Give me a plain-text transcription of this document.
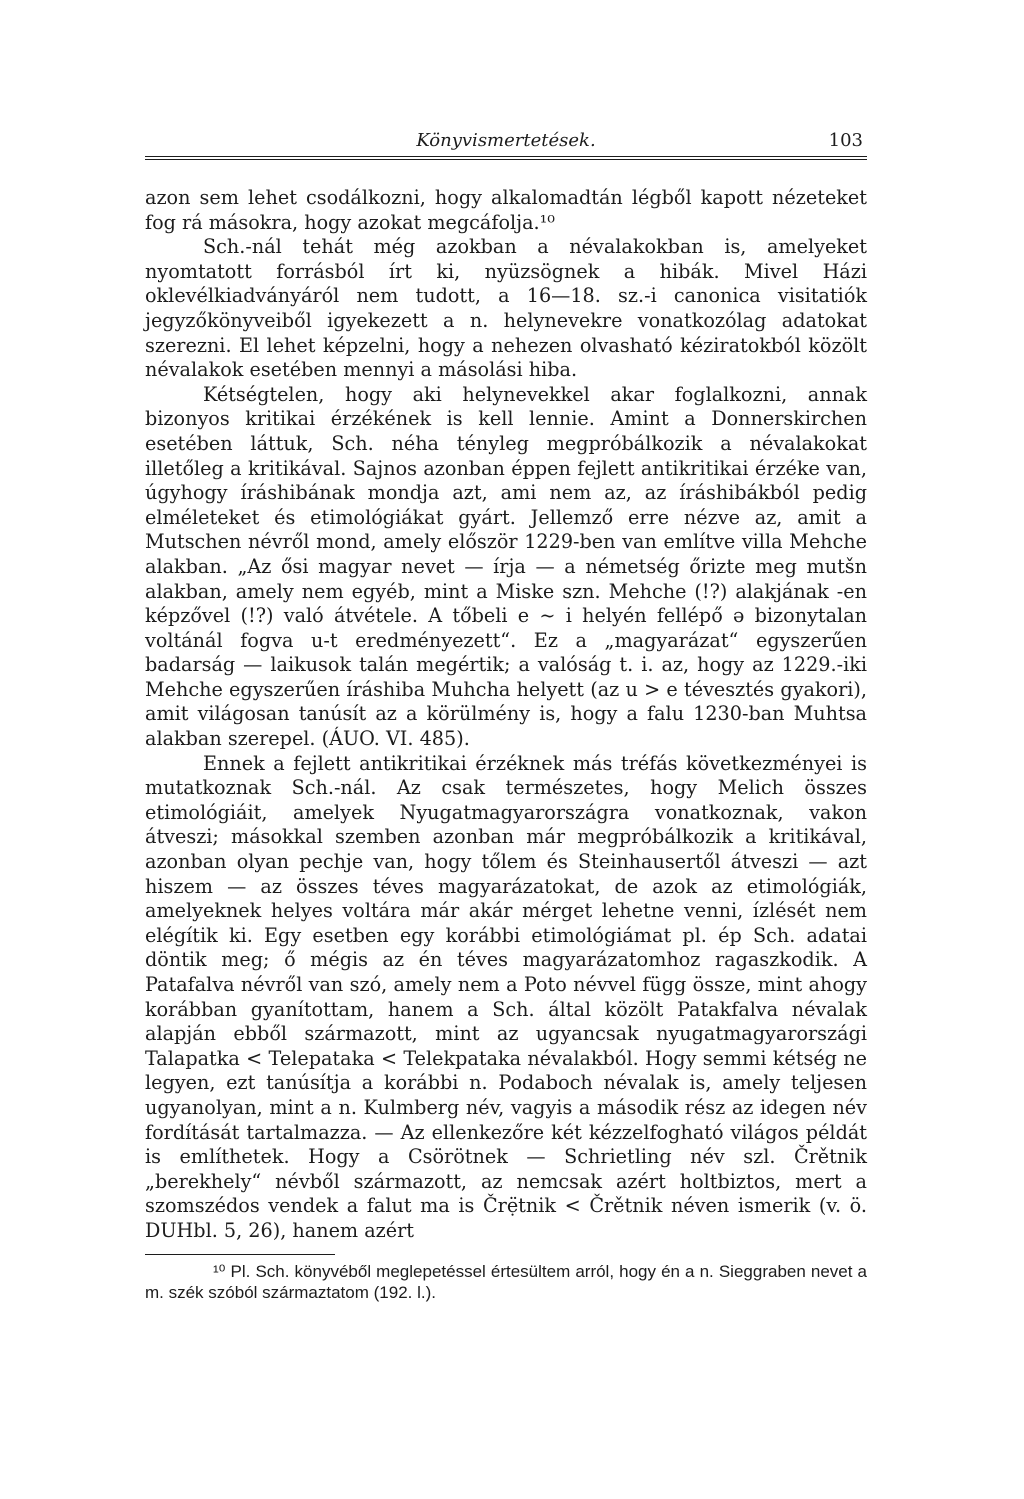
Könyvismertetések.	103

azon sem lehet csodálkozni, hogy alkalomadtán légből kapott nézeteket fog rá másokra, hogy azokat megcáfolja.¹⁰

Sch.-nál tehát még azokban a névalakokban is, amelyeket nyomtatott forrásból írt ki, nyüzsögnek a hibák. Mivel Házi oklevélkiadványáról nem tudott, a 16—18. sz.-i canonica visitatiók jegyzőkönyveiből igyekezett a n. helynevekre vonatkozólag adatokat szerezni. El lehet képzelni, hogy a nehezen olvasható kéziratokból közölt névalakok esetében mennyi a másolási hiba.

Kétségtelen, hogy aki helynevekkel akar foglalkozni, annak bizonyos kritikai érzékének is kell lennie. Amint a Donnerskirchen esetében láttuk, Sch. néha tényleg megpróbálkozik a névalakokat illetőleg a kritikával. Sajnos azonban éppen fejlett antikritikai érzéke van, úgyhogy íráshibának mondja azt, ami nem az, az íráshibákból pedig elméleteket és etimológiákat gyárt. Jellemző erre nézve az, amit a Mutschen névről mond, amely először 1229-ben van említve villa Mehche alakban. „Az ősi magyar nevet — írja — a németség őrizte meg mutšn alakban, amely nem egyéb, mint a Miske szn. Mehche (!?) alakjának -en képzővel (!?) való átvétele. A tőbeli e ∼ i helyén fellépő ə bizonytalan voltánál fogva u-t eredményezett“. Ez a „magyarázat“ egyszerűen badarság — laikusok talán megértik; a valóság t. i. az, hogy az 1229.-iki Mehche egyszerűen íráshiba Muhcha helyett (az u > e tévesztés gyakori), amit világosan tanúsít az a körülmény is, hogy a falu 1230-ban Muhtsa alakban szerepel. (ÁUO. VI. 485).

Ennek a fejlett antikritikai érzéknek más tréfás következményei is mutatkoznak Sch.-nál. Az csak természetes, hogy Melich összes etimológiáit, amelyek Nyugatmagyarországra vonatkoznak, vakon átveszi; másokkal szemben azonban már megpróbálkozik a kritikával, azonban olyan pechje van, hogy tőlem és Steinhausertől átveszi — azt hiszem — az összes téves magyarázatokat, de azok az etimológiák, amelyeknek helyes voltára már akár mérget lehetne venni, ízlését nem elégítik ki. Egy esetben egy korábbi etimológiámat pl. ép Sch. adatai döntik meg; ő mégis az én téves magyarázatomhoz ragaszkodik. A Patafalva névről van szó, amely nem a Poto névvel függ össze, mint ahogy korábban gyanítottam, hanem a Sch. által közölt Patakfalva névalak alapján ebből származott, mint az ugyancsak nyugatmagyarországi Talapatka < Telepataka < Telekpataka névalakból. Hogy semmi kétség ne legyen, ezt tanúsítja a korábbi n. Podaboch névalak is, amely teljesen ugyanolyan, mint a n. Kulmberg név, vagyis a második rész az idegen név fordítását tartalmazza. — Az ellenkezőre két kézzelfogható világos példát is említhetek. Hogy a Csörötnek — Schrietling név szl. Črětnik „berekhely“ névből származott, az nemcsak azért holtbiztos, mert a szomszédos vendek a falut ma is Črẹ̈tnik < Črětnik néven ismerik (v. ö. DUHbl. 5, 26), hanem azért

¹⁰ Pl. Sch. könyvéből meglepetéssel értesültem arról, hogy én a n. Sieggraben nevet a m. szék szóból származtatom (192. l.).
